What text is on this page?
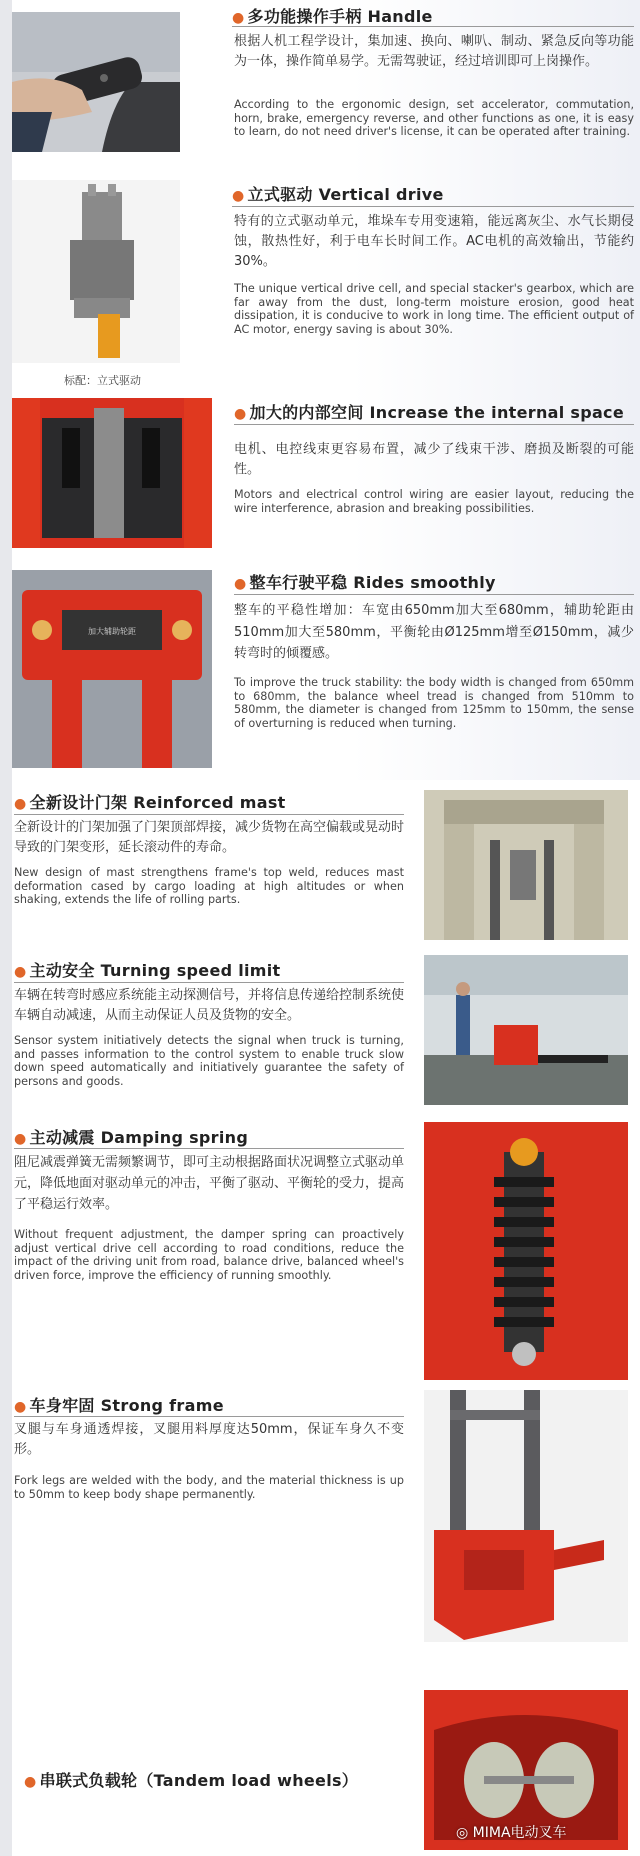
● 多功能操作手柄 Handle
根据人机工程学设计，集加速、换向、喇叭、制动、紧急反向等功能为一体，操作简单易学。无需驾驶证，经过培训即可上岗操作。
According to the ergonomic design, set accelerator, commutation, horn, brake, emergency reverse, and other functions as one, it is easy to learn, do not need driver's license, it can be operated after training.
标配：立式驱动
● 立式驱动 Vertical drive
特有的立式驱动单元，堆垛车专用变速箱，能远离灰尘、水气长期侵蚀，散热性好，利于电车长时间工作。AC电机的高效输出，节能约30%。
The unique vertical drive cell, and special stacker's gearbox, which are far away from the dust, long-term moisture erosion, good heat dissipation, it is conducive to work in long time. The efficient output of AC motor, energy saving is about 30%.
● 加大的内部空间 Increase the internal space
电机、电控线束更容易布置，减少了线束干涉、磨损及断裂的可能性。
Motors and electrical control wiring are easier layout, reducing the wire interference, abrasion and breaking possibilities.
加大辅助轮距
● 整车行驶平稳 Rides smoothly
整车的平稳性增加：车宽由650mm加大至680mm，辅助轮距由510mm加大至580mm，平衡轮由Ø125mm增至Ø150mm，减少转弯时的倾覆感。
To improve the truck stability: the body width is changed from 650mm to 680mm, the balance wheel tread is changed from 510mm to 580mm, the diameter is changed from 125mm to 150mm, the sense of overturning is reduced when turning.
● 全新设计门架 Reinforced mast
全新设计的门架加强了门架顶部焊接，减少货物在高空偏载或晃动时导致的门架变形，延长滚动件的寿命。
New design of mast strengthens frame's top weld, reduces mast deformation cased by cargo loading at high altitudes or when shaking, extends the life of rolling parts.
● 主动安全 Turning speed limit
车辆在转弯时感应系统能主动探测信号，并将信息传递给控制系统使车辆自动减速，从而主动保证人员及货物的安全。
Sensor system initiatively detects the signal when truck is turning, and passes information to the control system to enable truck slow down speed automatically and initiatively guarantee the safety of persons and goods.
● 主动减震 Damping spring
阻尼减震弹簧无需频繁调节，即可主动根据路面状况调整立式驱动单元，降低地面对驱动单元的冲击，平衡了驱动、平衡轮的受力，提高了平稳运行效率。
Without frequent adjustment, the damper spring can proactively adjust vertical drive cell according to road conditions, reduce the impact of the driving unit from road, balance drive, balanced wheel's driven force, improve the efficiency of running smoothly.
● 车身牢固 Strong frame
叉腿与车身通透焊接，叉腿用料厚度达50mm，保证车身久不变形。
Fork legs are welded with the body, and the material thickness is up to 50mm to keep body shape permanently.
● 串联式负载轮（Tandem load wheels）
◎ MIMA电动叉车
